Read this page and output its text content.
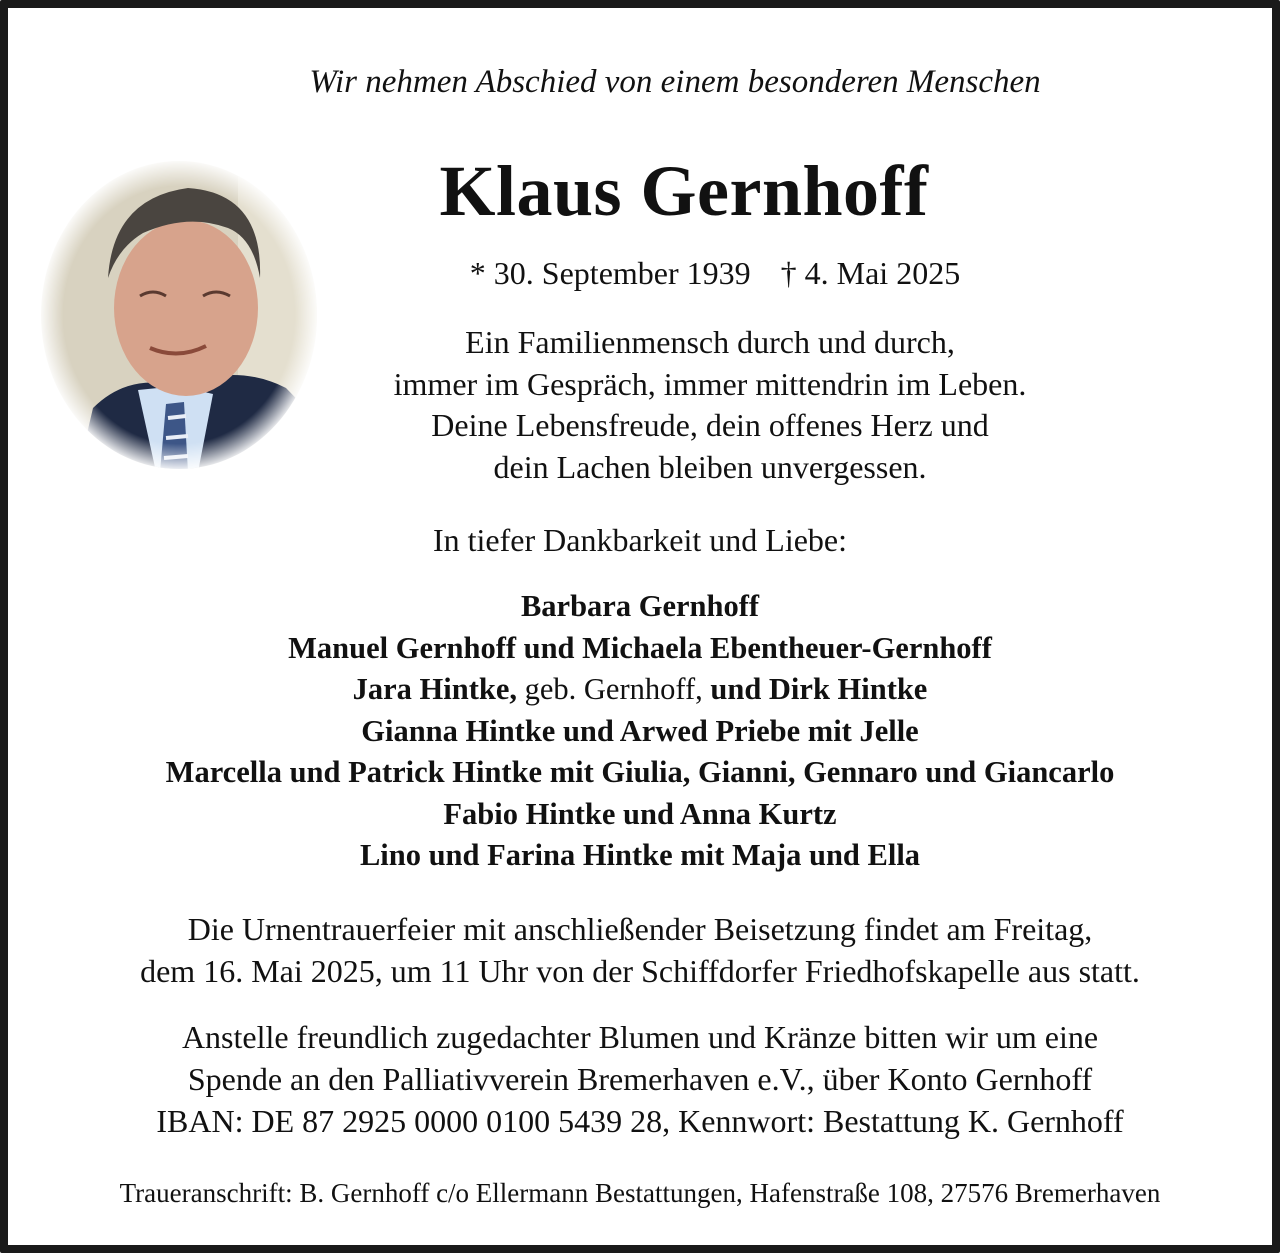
Wir nehmen Abschied von einem besonderen Menschen
Klaus Gernhoff
* 30. September 1939 † 4. Mai 2025
Ein Familienmensch durch und durch,
immer im Gespräch, immer mittendrin im Leben.
Deine Lebensfreude, dein offenes Herz und
dein Lachen bleiben unvergessen.
In tiefer Dankbarkeit und Liebe:
Barbara Gernhoff
Manuel Gernhoff und Michaela Ebentheuer-Gernhoff
Jara Hintke, geb. Gernhoff, und Dirk Hintke
Gianna Hintke und Arwed Priebe mit Jelle
Marcella und Patrick Hintke mit Giulia, Gianni, Gennaro und Giancarlo
Fabio Hintke und Anna Kurtz
Lino und Farina Hintke mit Maja und Ella
Die Urnentrauerfeier mit anschließender Beisetzung findet am Freitag,
dem 16. Mai 2025, um 11 Uhr von der Schiffdorfer Friedhofskapelle aus statt.
Anstelle freundlich zugedachter Blumen und Kränze bitten wir um eine
Spende an den Palliativverein Bremerhaven e.V., über Konto Gernhoff
IBAN: DE 87 2925 0000 0100 5439 28, Kennwort: Bestattung K. Gernhoff
Traueranschrift: B. Gernhoff c/o Ellermann Bestattungen, Hafenstraße 108, 27576 Bremerhaven
